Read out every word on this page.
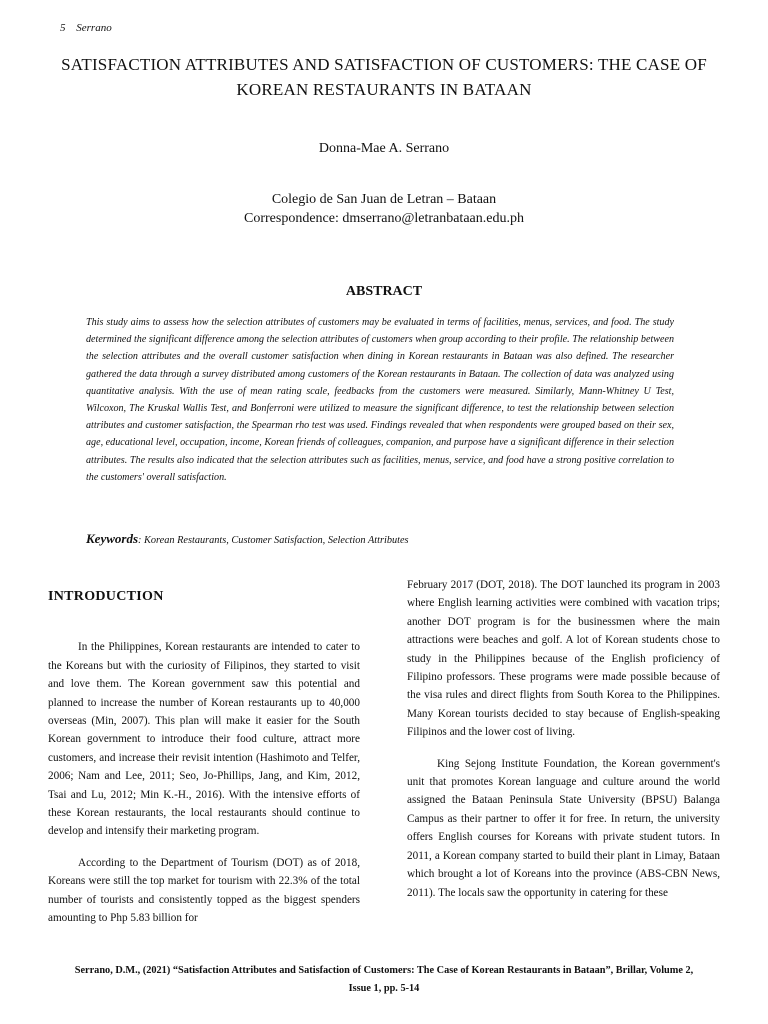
5 Serrano
SATISFACTION ATTRIBUTES AND SATISFACTION OF CUSTOMERS: THE CASE OF KOREAN RESTAURANTS IN BATAAN
Donna-Mae A. Serrano
Colegio de San Juan de Letran – Bataan
Correspondence: dmserrano@letranbataan.edu.ph
ABSTRACT
This study aims to assess how the selection attributes of customers may be evaluated in terms of facilities, menus, services, and food. The study determined the significant difference among the selection attributes of customers when group according to their profile. The relationship between the selection attributes and the overall customer satisfaction when dining in Korean restaurants in Bataan was also defined. The researcher gathered the data through a survey distributed among customers of the Korean restaurants in Bataan. The collection of data was analyzed using quantitative analysis. With the use of mean rating scale, feedbacks from the customers were measured. Similarly, Mann-Whitney U Test, Wilcoxon, The Kruskal Wallis Test, and Bonferroni were utilized to measure the significant difference, to test the relationship between selection attributes and customer satisfaction, the Spearman rho test was used. Findings revealed that when respondents were grouped based on their sex, age, educational level, occupation, income, Korean friends of colleagues, companion, and purpose have a significant difference in their selection attributes. The results also indicated that the selection attributes such as facilities, menus, service, and food have a strong positive correlation to the customers' overall satisfaction.
Keywords: Korean Restaurants, Customer Satisfaction, Selection Attributes
INTRODUCTION

In the Philippines, Korean restaurants are intended to cater to the Koreans but with the curiosity of Filipinos, they started to visit and love them. The Korean government saw this potential and planned to increase the number of Korean restaurants up to 40,000 overseas (Min, 2007). This plan will make it easier for the South Korean government to introduce their food culture, attract more customers, and increase their revisit intention (Hashimoto and Telfer, 2006; Nam and Lee, 2011; Seo, Jo-Phillips, Jang, and Kim, 2012, Tsai and Lu, 2012; Min K.-H., 2016). With the intensive efforts of these Korean restaurants, the local restaurants should continue to develop and intensify their marketing program.

According to the Department of Tourism (DOT) as of 2018, Koreans were still the top market for tourism with 22.3% of the total number of tourists and consistently topped as the biggest spenders amounting to Php 5.83 billion for

February 2017 (DOT, 2018). The DOT launched its program in 2003 where English learning activities were combined with vacation trips; another DOT program is for the businessmen where the main attractions were beaches and golf. A lot of Korean students chose to study in the Philippines because of the English proficiency of Filipino professors. These programs were made possible because of the visa rules and direct flights from South Korea to the Philippines. Many Korean tourists decided to stay because of English-speaking Filipinos and the lower cost of living.

King Sejong Institute Foundation, the Korean government's unit that promotes Korean language and culture around the world assigned the Bataan Peninsula State University (BPSU) Balanga Campus as their partner to offer it for free. In return, the university offers English courses for Koreans with private student tutors. In 2011, a Korean company started to build their plant in Limay, Bataan which brought a lot of Koreans into the province (ABS-CBN News, 2011). The locals saw the opportunity in catering for these

Serrano, D.M., (2021) “Satisfaction Attributes and Satisfaction of Customers: The Case of Korean Restaurants in Bataan”, Brillar, Volume 2,
Issue 1, pp. 5-14
